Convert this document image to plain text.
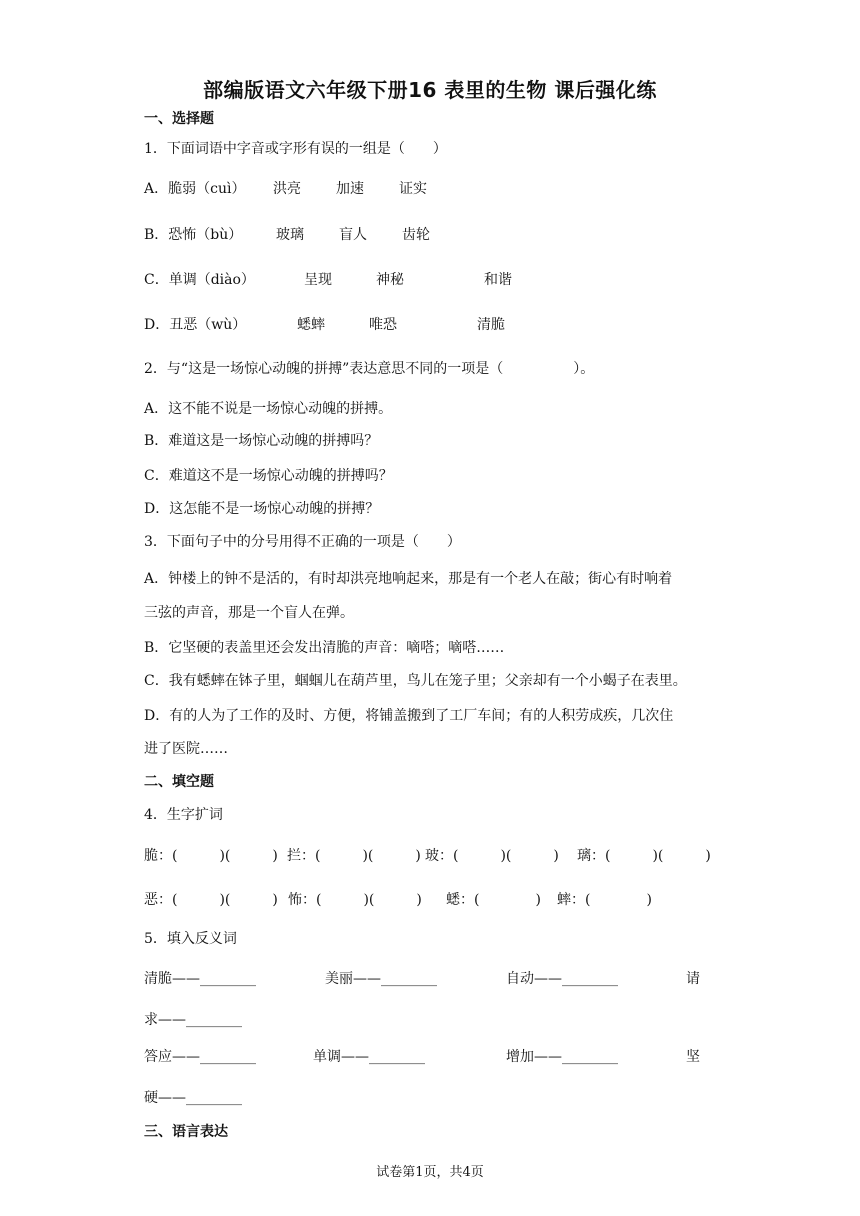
部编版语文六年级下册16 表里的生物 课后强化练
一、选择题
1．下面词语中字音或字形有误的一组是（　　）
A．脆弱（cuì） 洪亮	加速	证实
B．恐怖（bù） 玻璃	盲人	齿轮
C．单调（diào）	呈现	神秘	和谐
D．丑恶（wù）	蟋蟀	唯恐	清脆
2．与“这是一场惊心动魄的拼搏”表达意思不同的一项是（　　　　　）。
A．这不能不说是一场惊心动魄的拼搏。
B．难道这是一场惊心动魄的拼搏吗？
C．难道这不是一场惊心动魄的拼搏吗？
D．这怎能不是一场惊心动魄的拼搏？
3．下面句子中的分号用得不正确的一项是（　　）
A．钟楼上的钟不是活的，有时却洪亮地响起来，那是有一个老人在敲；街心有时响着
三弦的声音，那是一个盲人在弹。
B．它坚硬的表盖里还会发出清脆的声音：嘀嗒；嘀嗒……
C．我有蟋蟀在钵子里，蝈蝈儿在葫芦里，鸟儿在笼子里；父亲却有一个小蝎子在表里。
D．有的人为了工作的及时、方便，将铺盖搬到了工厂车间；有的人积劳成疾，几次住
进了医院……
二、填空题
4．生字扩词
脆：(　　　)(　　　) 拦：(　　　)(　　　) 玻：(　　　)(　　　) 璃：(　　　)(　　　)
恶：(　　　)(　　　) 怖：(　　　)(　　　) 蟋：(　　　　) 蟀：(　　　　)
5．填入反义词
清脆——________	美丽——________	自动——________	请
求——________
答应——________	单调——________	增加——________	坚
硬——________
三、语言表达
试卷第1页，共4页
